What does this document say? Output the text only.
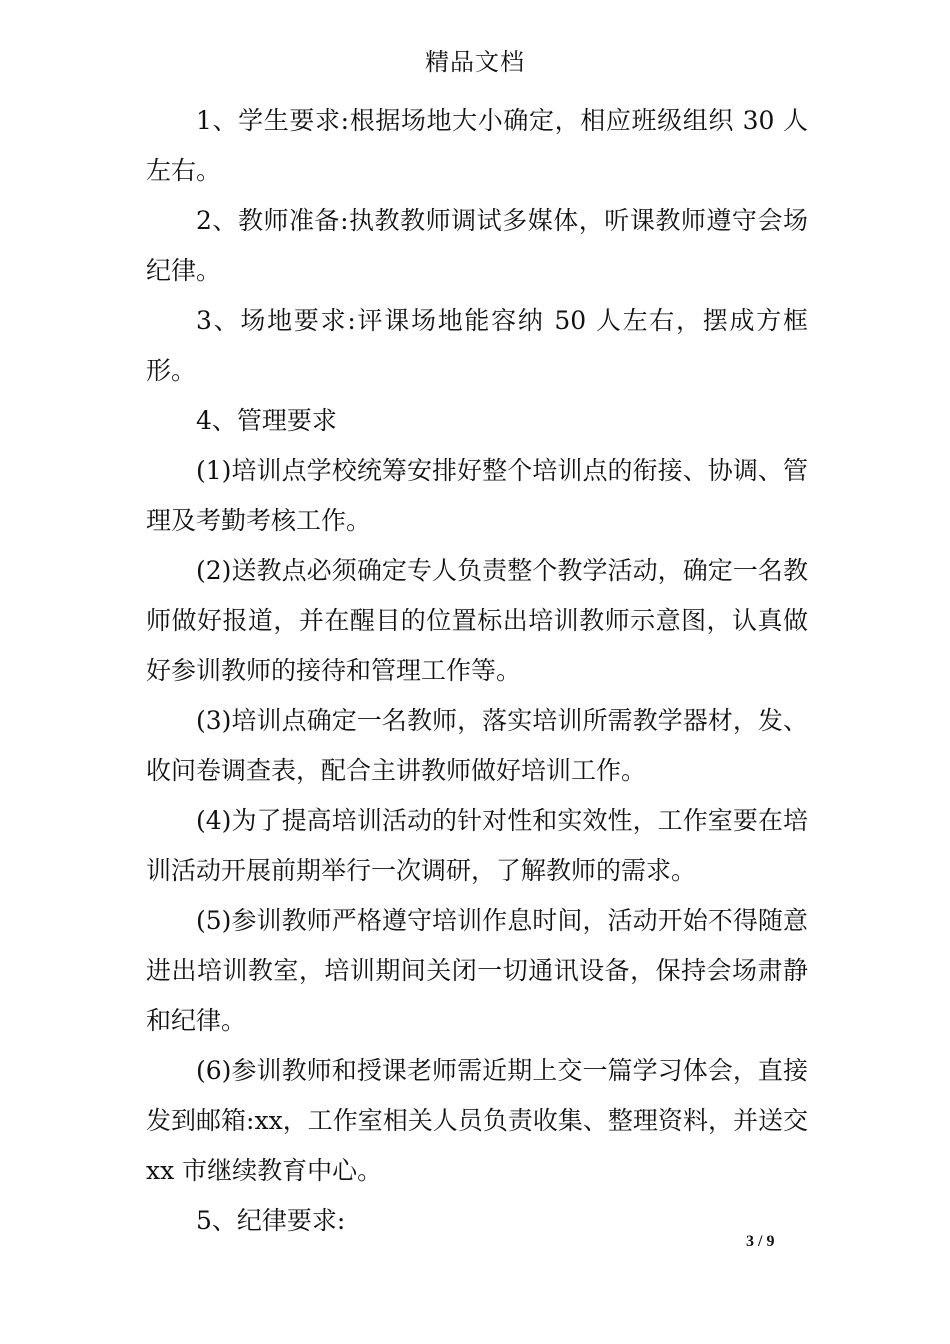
精品文档

1、学生要求:根据场地大小确定，相应班级组织 30 人左右。

2、教师准备:执教教师调试多媒体，听课教师遵守会场纪律。

3、场地要求:评课场地能容纳 50 人左右，摆成方框形。

4、管理要求

(1)培训点学校统筹安排好整个培训点的衔接、协调、管理及考勤考核工作。

(2)送教点必须确定专人负责整个教学活动，确定一名教师做好报道，并在醒目的位置标出培训教师示意图，认真做好参训教师的接待和管理工作等。

(3)培训点确定一名教师，落实培训所需教学器材，发、收问卷调查表，配合主讲教师做好培训工作。

(4)为了提高培训活动的针对性和实效性，工作室要在培训活动开展前期举行一次调研，了解教师的需求。

(5)参训教师严格遵守培训作息时间，活动开始不得随意进出培训教室，培训期间关闭一切通讯设备，保持会场肃静和纪律。

(6)参训教师和授课老师需近期上交一篇学习体会，直接发到邮箱:xx，工作室相关人员负责收集、整理资料，并送交 xx 市继续教育中心。

5、纪律要求:

3 / 9
